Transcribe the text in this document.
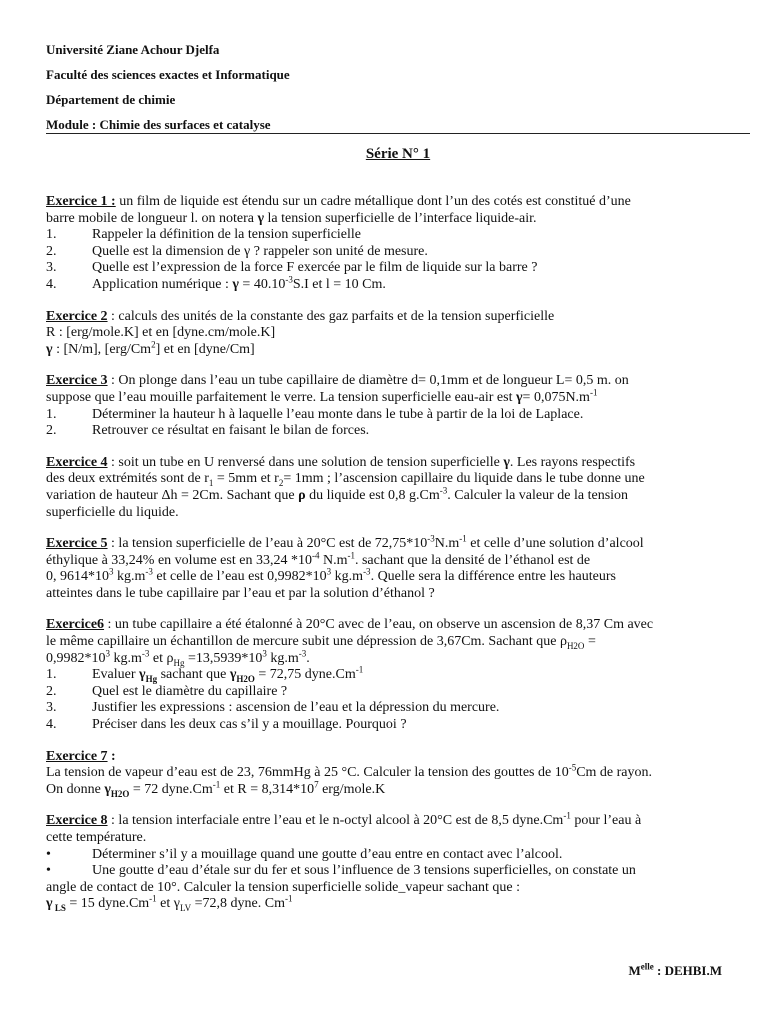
Université Ziane Achour Djelfa
Faculté des sciences exactes et Informatique
Département de chimie
Module : Chimie des surfaces et catalyse
Série N° 1
Exercice 1 : un film de liquide est étendu sur un cadre métallique dont l’un des cotés est constitué d’une
barre mobile de longueur l. on notera γ la tension superficielle de l’interface liquide-air.
1.	Rappeler la définition de la tension superficielle
2.	Quelle est la dimension de γ ? rappeler son unité de mesure.
3.	Quelle est l’expression de la force F exercée par le film de liquide sur la barre ?
4.	Application numérique : $\gamma = 40.10^{-3}S.I$ et l = 10 Cm.
Exercice 2 : calculs des unités de la constante des gaz parfaits et de la tension superficielle
R : [erg/mole.K] et en [dyne.cm/mole.K]
γ : [N/m], [erg/Cm$^2$] et en [dyne/Cm]
Exercice 3 : On plonge dans l’eau un tube capillaire de diamètre d= 0,1mm et de longueur L= 0,5 m. on
suppose que l’eau mouille parfaitement le verre. La tension superficielle eau-air est $\gamma= 0,075N.m^{-1}$
1.	Déterminer la hauteur h à laquelle l’eau monte dans le tube à partir de la loi de Laplace.
2.	Retrouver ce résultat en faisant le bilan de forces.
Exercice 4 : soit un tube en U renversé dans une solution de tension superficielle γ. Les rayons respectifs
des deux extrémités sont de $r_1 = 5mm$ et $r_2= 1mm$ ; l’ascension capillaire du liquide dans le tube donne une
variation de hauteur Δh = 2Cm. Sachant que ρ du liquide est 0,8 $g.Cm^{-3}$. Calculer la valeur de la tension
superficielle du liquide.
Exercice 5 : la tension superficielle de l’eau à 20°C est de $72,75*10^{-3}N.m^{-1}$ et celle d’une solution d’alcool
éthylique à 33,24% en volume est en 33,24 $*10^{-4}$ $N.m^{-1}$. sachant que la densité de l’éthanol est de
0, $9614*10^3$ $kg.m^{-3}$ et celle de l’eau est $0,9982*10^3$ $kg.m^{-3}$. Quelle sera la différence entre les hauteurs
atteintes dans le tube capillaire par l’eau et par la solution d’éthanol ?
Exercice6 : un tube capillaire a été étalonné à 20°C avec de l’eau, on observe un ascension de 8,37 Cm avec
le même capillaire un échantillon de mercure subit une dépression de 3,67Cm. Sachant que $\rho_{H2O}$ =
$0,9982*10^3$ $kg.m^{-3}$ et $\rho_{Hg} =13,5939*10^3$ $kg.m^{-3}$.
1.	Evaluer $\gamma_{Hg}$ sachant que $\gamma_{H2O} = 72,75$ $dyne.Cm^{-1}$
2.	Quel est le diamètre du capillaire ?
3.	Justifier les expressions : ascension de l’eau et la dépression du mercure.
4.	Préciser dans les deux cas s’il y a mouillage. Pourquoi ?
Exercice 7 :
La tension de vapeur d’eau est de 23, 76mmHg à 25 °C. Calculer la tension des gouttes de $10^{-5}Cm$ de rayon.
On donne $\gamma_{H2O} = 72$ $dyne.Cm^{-1}$ et $R = 8,314*10^7$ erg/mole.K
Exercice 8 : la tension interfaciale entre l’eau et le n-octyl alcool à 20°C est de 8,5 $dyne.Cm^{-1}$ pour l’eau à
cette température.
•	Déterminer s’il y a mouillage quand une goutte d’eau entre en contact avec l’alcool.
•	Une goutte d’eau d’étale sur du fer et sous l’influence de 3 tensions superficielles, on constate un
angle de contact de 10°. Calculer la tension superficielle solide_vapeur sachant que :
γ $_{LS}$ = 15 $dyne.Cm^{-1}$ et $\gamma_{LV} =72,8$ dyne. $Cm^{-1}$
$M^{elle}$ : DEHBI.M
